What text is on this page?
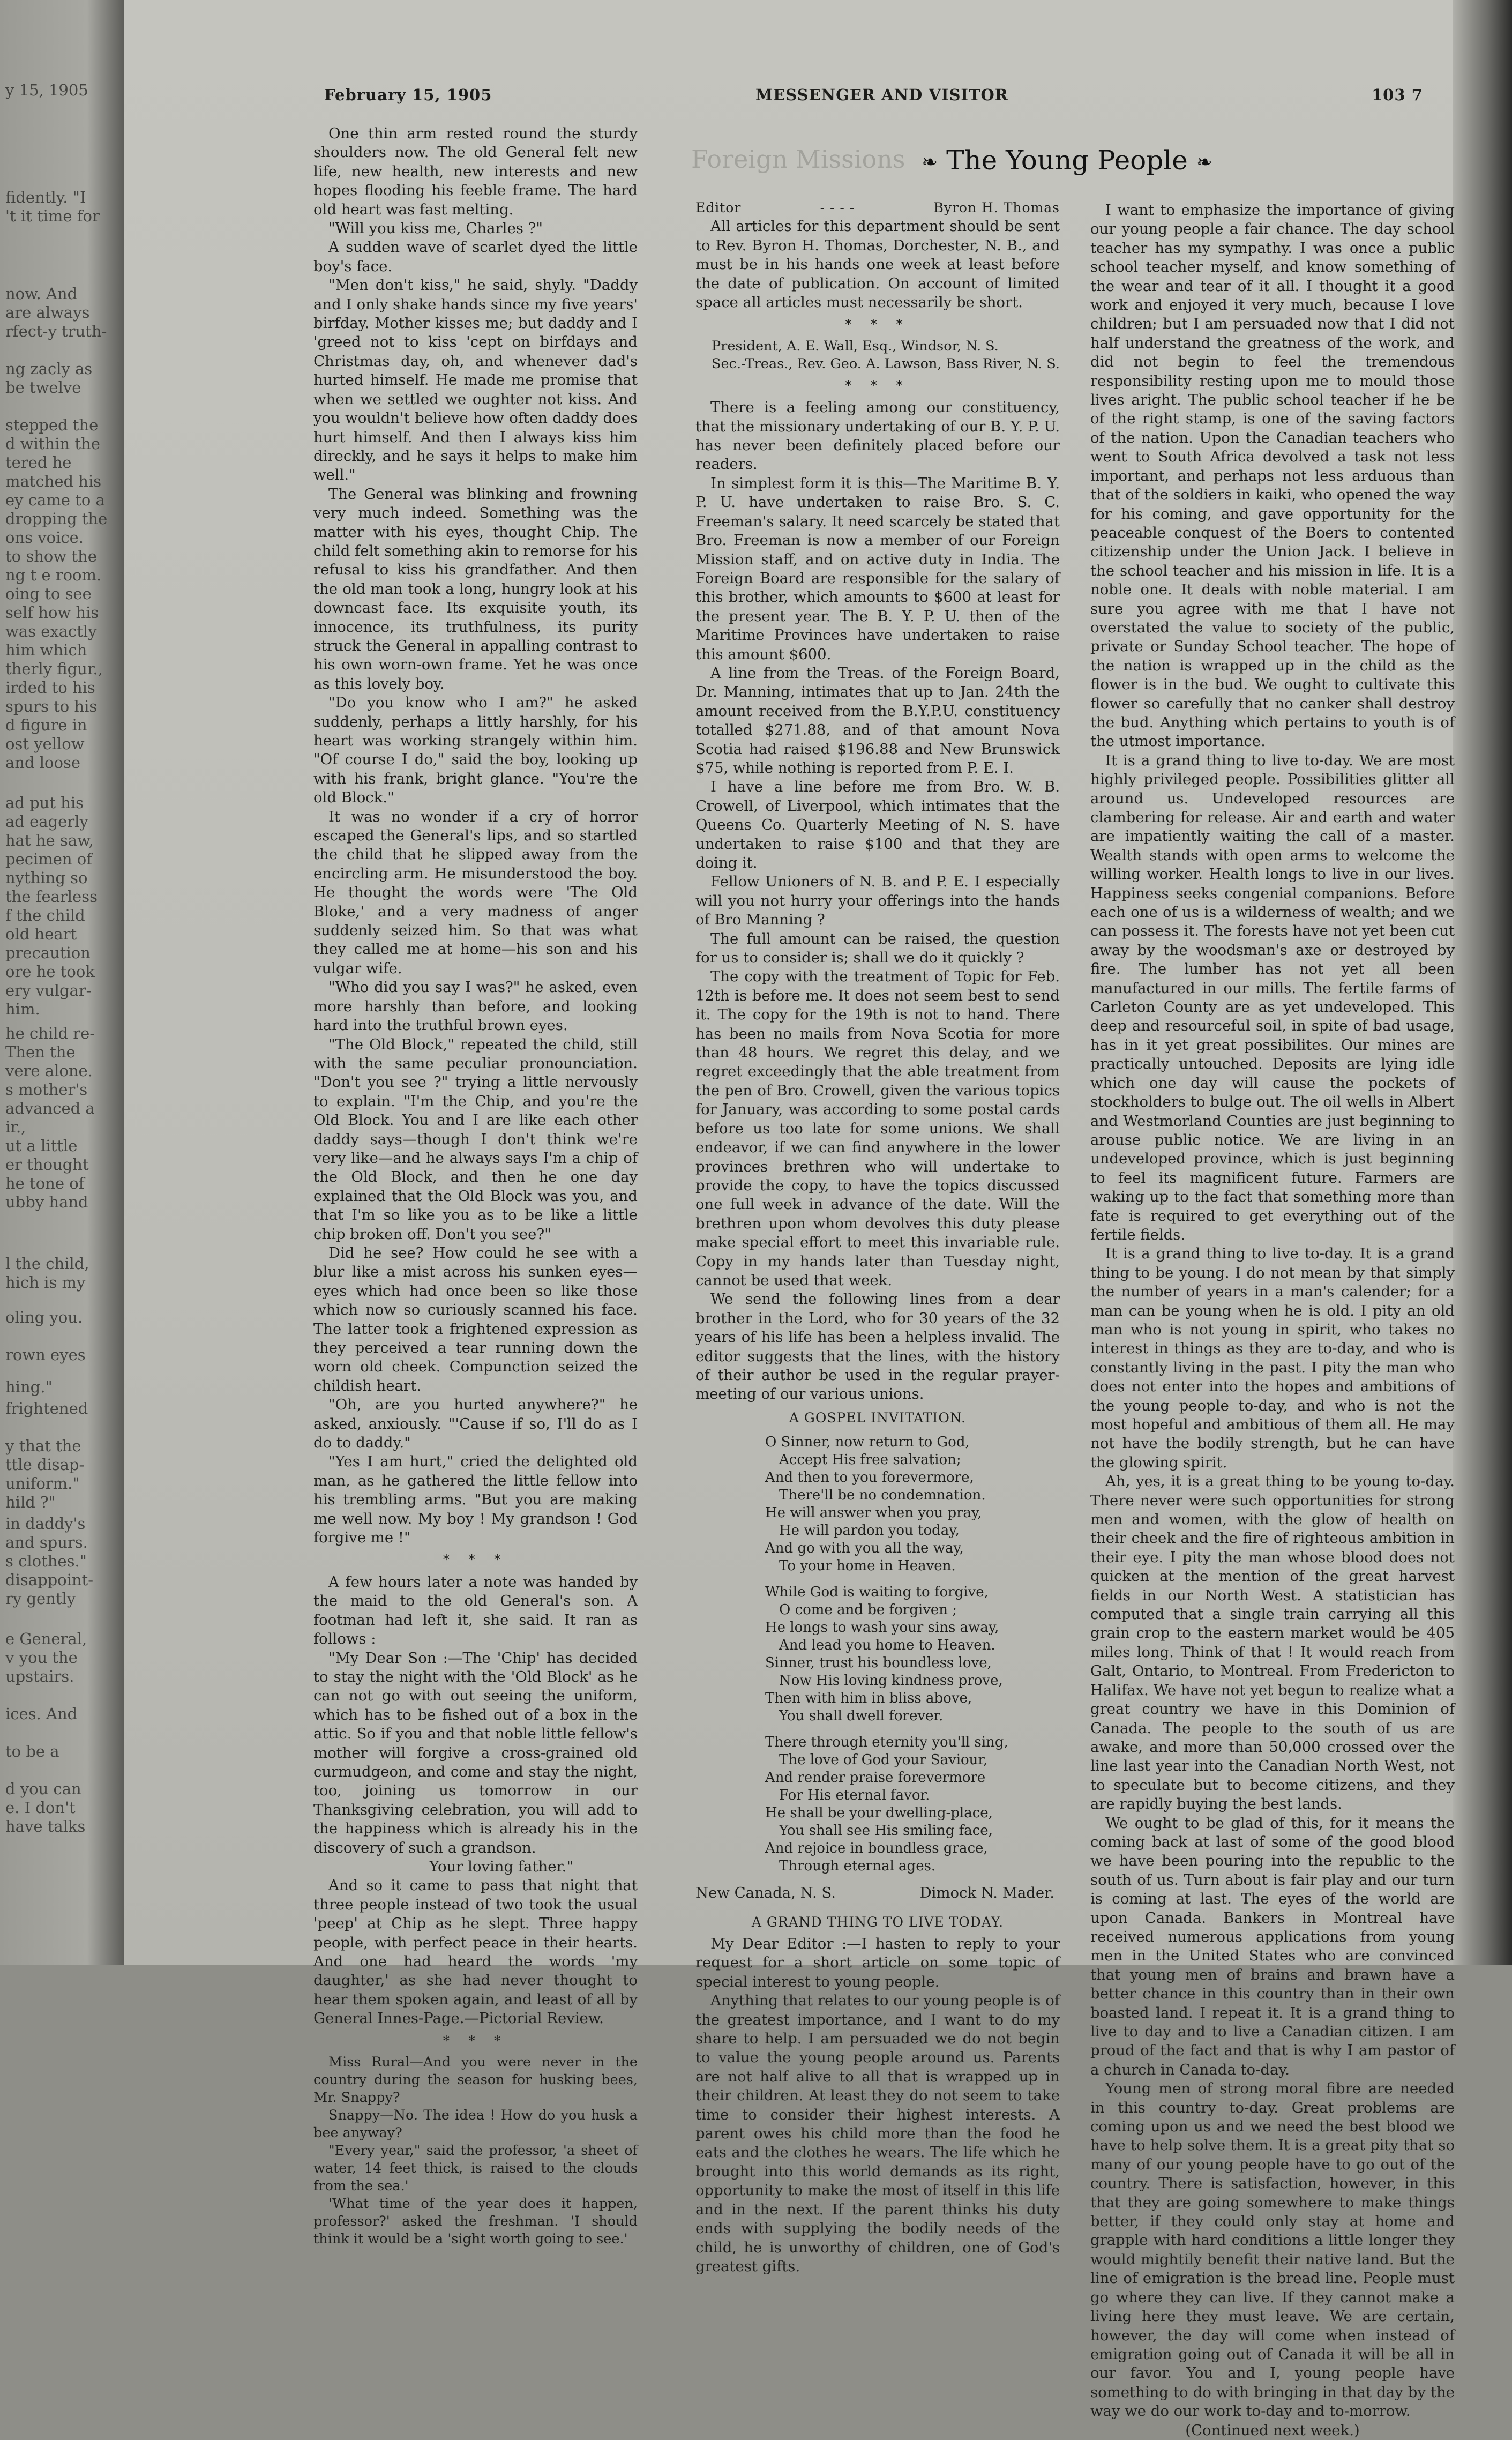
y 15, 1905
fidently. "I
't it time for
now. And
are always
rfect-y truth-
ng zacly as
be twelve
stepped the
d within the
tered he
matched his
ey came to a
dropping the
ons voice.
to show the
ng t e room.
oing to see
self how his
was exactly
him which
therly figur.,
irded to his
spurs to his
d figure in
ost yellow
and loose
ad put his
ad eagerly
hat he saw,
pecimen of
nything so
the fearless
f the child
old heart
precaution
ore he took
ery vulgar-
him.
he child re-
Then the
vere alone.
s mother's
advanced a
ir.,
ut a little
er thought
he tone of
ubby hand
l the child,
hich is my
oling you.
rown eyes
hing."
frightened
y that the
ttle disap-
uniform."
hild ?"
in daddy's
and spurs.
s clothes."
disappoint-
ry gently
e General,
v you the
upstairs.
ices. And
to be a
d you can
e. I don't
have talks
February 15, 1905	MESSENGER AND VISITOR	103 7
Foreign Missions ❧ The Young People ❧

One thin arm rested round the sturdy shoulders now. The old General felt new life, new health, new interests and new hopes flooding his feeble frame. The hard old heart was fast melting.

"Will you kiss me, Charles ?"

A sudden wave of scarlet dyed the little boy's face.

"Men don't kiss," he said, shyly. "Daddy and I only shake hands since my five years' birfday. Mother kisses me; but daddy and I 'greed not to kiss 'cept on birfdays and Christmas day, oh, and whenever dad's hurted himself. He made me promise that when we settled we oughter not kiss. And you wouldn't believe how often daddy does hurt himself. And then I always kiss him direckly, and he says it helps to make him well."

The General was blinking and frowning very much indeed. Something was the matter with his eyes, thought Chip. The child felt something akin to remorse for his refusal to kiss his grandfather. And then the old man took a long, hungry look at his downcast face. Its exquisite youth, its innocence, its truthfulness, its purity struck the General in appalling contrast to his own worn-own frame. Yet he was once as this lovely boy.

"Do you know who I am?" he asked suddenly, perhaps a littly harshly, for his heart was working strangely within him. "Of course I do," said the boy, looking up with his frank, bright glance. "You're the old Block."

It was no wonder if a cry of horror escaped the General's lips, and so startled the child that he slipped away from the encircling arm. He misunderstood the boy. He thought the words were 'The Old Bloke,' and a very madness of anger suddenly seized him. So that was what they called me at home—his son and his vulgar wife.

"Who did you say I was?" he asked, even more harshly than before, and looking hard into the truthful brown eyes.

"The Old Block," repeated the child, still with the same peculiar pronounciation. "Don't you see ?" trying a little nervously to explain. "I'm the Chip, and you're the Old Block. You and I are like each other daddy says—though I don't think we're very like—and he always says I'm a chip of the Old Block, and then he one day explained that the Old Block was you, and that I'm so like you as to be like a little chip broken off. Don't you see?"

Did he see? How could he see with a blur like a mist across his sunken eyes—eyes which had once been so like those which now so curiously scanned his face. The latter took a frightened expression as they perceived a tear running down the worn old cheek. Compunction seized the childish heart.

"Oh, are you hurted anywhere?" he asked, anxiously. "'Cause if so, I'll do as I do to daddy."

"Yes I am hurt," cried the delighted old man, as he gathered the little fellow into his trembling arms. "But you are making me well now. My boy ! My grandson ! God forgive me !"

* * *

A few hours later a note was handed by the maid to the old General's son. A footman had left it, she said. It ran as follows :

"My Dear Son :—The 'Chip' has decided to stay the night with the 'Old Block' as he can not go with out seeing the uniform, which has to be fished out of a box in the attic. So if you and that noble little fellow's mother will forgive a cross-grained old curmudgeon, and come and stay the night, too, joining us tomorrow in our Thanksgiving celebration, you will add to the happiness which is already his in the discovery of such a grandson.

Your loving father."

And so it came to pass that night that three people instead of two took the usual 'peep' at Chip as he slept. Three happy people, with perfect peace in their hearts. And one had heard the words 'my daughter,' as she had never thought to hear them spoken again, and least of all by General Innes-Page.—Pictorial Review.

* * *

Miss Rural—And you were never in the country during the season for husking bees, Mr. Snappy?

Snappy—No. The idea ! How do you husk a bee anyway?

"Every year," said the professor, 'a sheet of water, 14 feet thick, is raised to the clouds from the sea.'

'What time of the year does it happen, professor?' asked the freshman. 'I should think it would be a 'sight worth going to see.'

Editor	- - - -	Byron H. Thomas

All articles for this department should be sent to Rev. Byron H. Thomas, Dorchester, N. B., and must be in his hands one week at least before the date of publication. On account of limited space all articles must necessarily be short.

* * *

President, A. E. Wall, Esq., Windsor, N. S.

Sec.-Treas., Rev. Geo. A. Lawson, Bass River, N. S.

* * *

There is a feeling among our constituency, that the missionary undertaking of our B. Y. P. U. has never been definitely placed before our readers.

In simplest form it is this—The Maritime B. Y. P. U. have undertaken to raise Bro. S. C. Freeman's salary. It need scarcely be stated that Bro. Freeman is now a member of our Foreign Mission staff, and on active duty in India. The Foreign Board are responsible for the salary of this brother, which amounts to $600 at least for the present year. The B. Y. P. U. then of the Maritime Provinces have undertaken to raise this amount $600.

A line from the Treas. of the Foreign Board, Dr. Manning, intimates that up to Jan. 24th the amount received from the B.Y.P.U. constituency totalled $271.88, and of that amount Nova Scotia had raised $196.88 and New Brunswick $75, while nothing is reported from P. E. I.

I have a line before me from Bro. W. B. Crowell, of Liverpool, which intimates that the Queens Co. Quarterly Meeting of N. S. have undertaken to raise $100 and that they are doing it.

Fellow Unioners of N. B. and P. E. I especially will you not hurry your offerings into the hands of Bro Manning ?

The full amount can be raised, the question for us to consider is; shall we do it quickly ?

The copy with the treatment of Topic for Feb. 12th is before me. It does not seem best to send it. The copy for the 19th is not to hand. There has been no mails from Nova Scotia for more than 48 hours. We regret this delay, and we regret exceedingly that the able treatment from the pen of Bro. Crowell, given the various topics for January, was according to some postal cards before us too late for some unions. We shall endeavor, if we can find anywhere in the lower provinces brethren who will undertake to provide the copy, to have the topics discussed one full week in advance of the date. Will the brethren upon whom devolves this duty please make special effort to meet this invariable rule. Copy in my hands later than Tuesday night, cannot be used that week.

We send the following lines from a dear brother in the Lord, who for 30 years of the 32 years of his life has been a helpless invalid. The editor suggests that the lines, with the history of their author be used in the regular prayer-meeting of our various unions.

A GOSPEL INVITATION.
O Sinner, now return to God,
Accept His free salvation;
And then to you forevermore,
There'll be no condemnation.
He will answer when you pray,
He will pardon you today,
And go with you all the way,
To your home in Heaven.
While God is waiting to forgive,
O come and be forgiven ;
He longs to wash your sins away,
And lead you home to Heaven.
Sinner, trust his boundless love,
Now His loving kindness prove,
Then with him in bliss above,
You shall dwell forever.
There through eternity you'll sing,
The love of God your Saviour,
And render praise forevermore
For His eternal favor.
He shall be your dwelling-place,
You shall see His smiling face,
And rejoice in boundless grace,
Through eternal ages.
New Canada, N. S.	Dimock N. Mader.
A GRAND THING TO LIVE TODAY.

My Dear Editor :—I hasten to reply to your request for a short article on some topic of special interest to young people.

Anything that relates to our young people is of the greatest importance, and I want to do my share to help. I am persuaded we do not begin to value the young people around us. Parents are not half alive to all that is wrapped up in their children. At least they do not seem to take time to consider their highest interests. A parent owes his child more than the food he eats and the clothes he wears. The life which he brought into this world demands as its right, opportunity to make the most of itself in this life and in the next. If the parent thinks his duty ends with supplying the bodily needs of the child, he is unworthy of children, one of God's greatest gifts.

I want to emphasize the importance of giving our young people a fair chance. The day school teacher has my sympathy. I was once a public school teacher myself, and know something of the wear and tear of it all. I thought it a good work and enjoyed it very much, because I love children; but I am persuaded now that I did not half understand the greatness of the work, and did not begin to feel the tremendous responsibility resting upon me to mould those lives aright. The public school teacher if he be of the right stamp, is one of the saving factors of the nation. Upon the Canadian teachers who went to South Africa devolved a task not less important, and perhaps not less arduous than that of the soldiers in kaiki, who opened the way for his coming, and gave opportunity for the peaceable conquest of the Boers to contented citizenship under the Union Jack. I believe in the school teacher and his mission in life. It is a noble one. It deals with noble material. I am sure you agree with me that I have not overstated the value to society of the public, private or Sunday School teacher. The hope of the nation is wrapped up in the child as the flower is in the bud. We ought to cultivate this flower so carefully that no canker shall destroy the bud. Anything which pertains to youth is of the utmost importance.

It is a grand thing to live to-day. We are most highly privileged people. Possibilities glitter all around us. Undeveloped resources are clambering for release. Air and earth and water are impatiently waiting the call of a master. Wealth stands with open arms to welcome the willing worker. Health longs to live in our lives. Happiness seeks congenial companions. Before each one of us is a wilderness of wealth; and we can possess it. The forests have not yet been cut away by the woodsman's axe or destroyed by fire. The lumber has not yet all been manufactured in our mills. The fertile farms of Carleton County are as yet undeveloped. This deep and resourceful soil, in spite of bad usage, has in it yet great possibilites. Our mines are practically untouched. Deposits are lying idle which one day will cause the pockets of stockholders to bulge out. The oil wells in Albert and Westmorland Counties are just beginning to arouse public notice. We are living in an undeveloped province, which is just beginning to feel its magnificent future. Farmers are waking up to the fact that something more than fate is required to get everything out of the fertile fields.

It is a grand thing to live to-day. It is a grand thing to be young. I do not mean by that simply the number of years in a man's calender; for a man can be young when he is old. I pity an old man who is not young in spirit, who takes no interest in things as they are to-day, and who is constantly living in the past. I pity the man who does not enter into the hopes and ambitions of the young people to-day, and who is not the most hopeful and ambitious of them all. He may not have the bodily strength, but he can have the glowing spirit.

Ah, yes, it is a great thing to be young to-day. There never were such opportunities for strong men and women, with the glow of health on their cheek and the fire of righteous ambition in their eye. I pity the man whose blood does not quicken at the mention of the great harvest fields in our North West. A statistician has computed that a single train carrying all this grain crop to the eastern market would be 405 miles long. Think of that ! It would reach from Galt, Ontario, to Montreal. From Fredericton to Halifax. We have not yet begun to realize what a great country we have in this Dominion of Canada. The people to the south of us are awake, and more than 50,000 crossed over the line last year into the Canadian North West, not to speculate but to become citizens, and they are rapidly buying the best lands.

We ought to be glad of this, for it means the coming back at last of some of the good blood we have been pouring into the republic to the south of us. Turn about is fair play and our turn is coming at last. The eyes of the world are upon Canada. Bankers in Montreal have received numerous applications from young men in the United States who are convinced that young men of brains and brawn have a better chance in this country than in their own boasted land. I repeat it. It is a grand thing to live to day and to live a Canadian citizen. I am proud of the fact and that is why I am pastor of a church in Canada to-day.

Young men of strong moral fibre are needed in this country to-day. Great problems are coming upon us and we need the best blood we have to help solve them. It is a great pity that so many of our young people have to go out of the country. There is satisfaction, however, in this that they are going somewhere to make things better, if they could only stay at home and grapple with hard conditions a little longer they would mightily benefit their native land. But the line of emigration is the bread line. People must go where they can live. If they cannot make a living here they must leave. We are certain, however, the day will come when instead of emigration going out of Canada it will be all in our favor. You and I, young people have something to do with bringing in that day by the way we do our work to-day and to-morrow.

(Continued next week.)
